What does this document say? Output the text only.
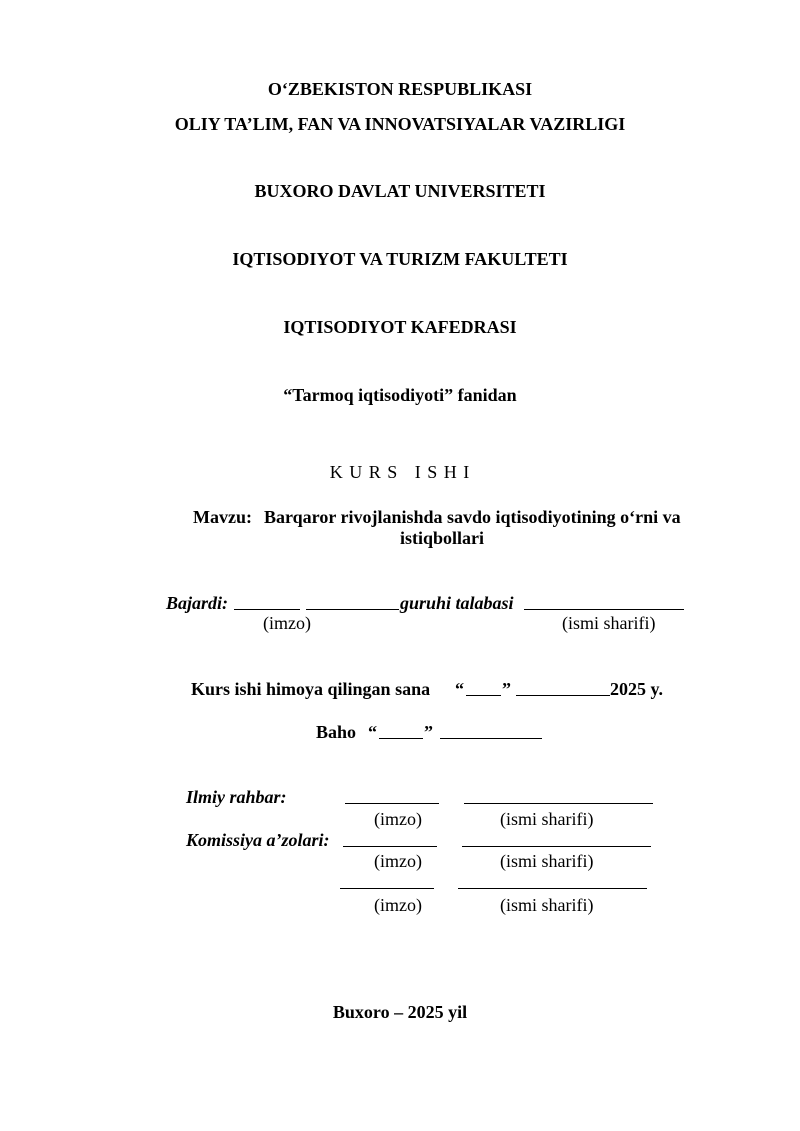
O‘ZBEKISTON RESPUBLIKASI
OLIY TA’LIM, FAN VA INNOVATSIYALAR VAZIRLIGI
BUXORO DAVLAT UNIVERSITETI
IQTISODIYOT VA TURIZM FAKULTETI
IQTISODIYOT KAFEDRASI
“Tarmoq iqtisodiyoti” fanidan
K U R S   I S H I
Mavzu: Barqaror rivojlanishda savdo iqtisodiyotining o‘rni va
istiqbollari
Bajardi:	guruhi talabasi
(imzo)	(ismi sharifi)
Kurs ishi himoya qilingan sana “ ”	2025 y.
Baho “	”
Ilmiy rahbar:
(imzo)	(ismi sharifi)
Komissiya a’zolari:
(imzo)	(ismi sharifi)
(imzo)	(ismi sharifi)
Buxoro – 2025 yil
